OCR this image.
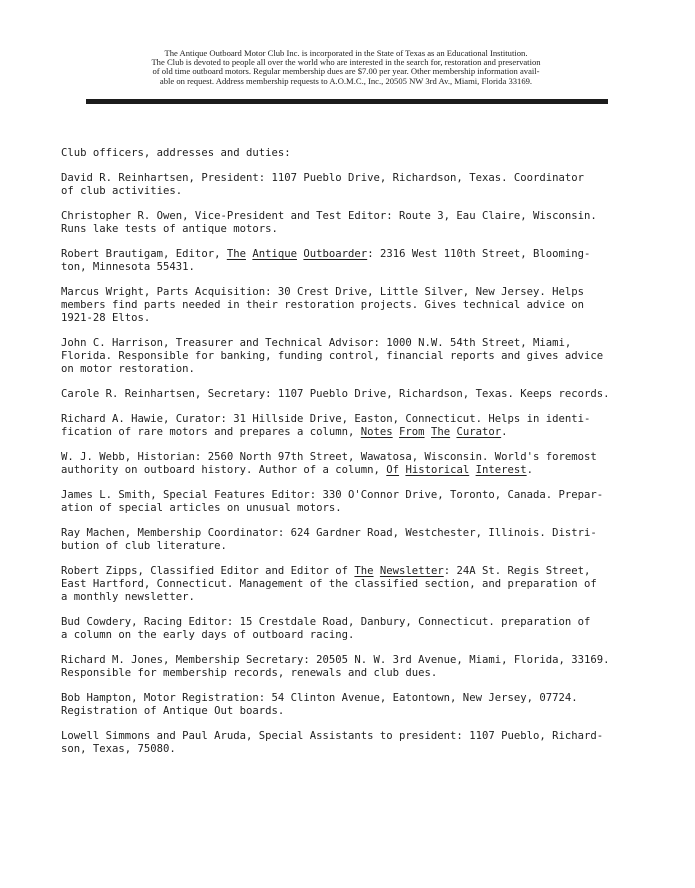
The Antique Outboard Motor Club Inc. is incorporated in the State of Texas as an Educational Institution.
The Club is devoted to people all over the world who are interested in the search for, restoration and preservation
of old time outboard motors. Regular membership dues are $7.00 per year. Other membership information avail-
able on request. Address membership requests to A.O.M.C., Inc., 20505 NW 3rd Av., Miami, Florida 33169.
Club officers, addresses and duties:
David R. Reinhartsen, President: 1107 Pueblo Drive, Richardson, Texas. Coordinator
of club activities.
Christopher R. Owen, Vice-President and Test Editor: Route 3, Eau Claire, Wisconsin.
Runs lake tests of antique motors.
Robert Brautigam, Editor, The Antique Outboarder: 2316 West 110th Street, Blooming-
ton, Minnesota 55431.
Marcus Wright, Parts Acquisition: 30 Crest Drive, Little Silver, New Jersey. Helps
members find parts needed in their restoration projects. Gives technical advice on
1921-28 Eltos.
John C. Harrison, Treasurer and Technical Advisor: 1000 N.W. 54th Street, Miami,
Florida. Responsible for banking, funding control, financial reports and gives advice
on motor restoration.
Carole R. Reinhartsen, Secretary: 1107 Pueblo Drive, Richardson, Texas. Keeps records.
Richard A. Hawie, Curator: 31 Hillside Drive, Easton, Connecticut. Helps in identi-
fication of rare motors and prepares a column, Notes From The Curator.
W. J. Webb, Historian: 2560 North 97th Street, Wawatosa, Wisconsin. World's foremost
authority on outboard history. Author of a column, Of Historical Interest.
James L. Smith, Special Features Editor: 330 O'Connor Drive, Toronto, Canada. Prepar-
ation of special articles on unusual motors.
Ray Machen, Membership Coordinator: 624 Gardner Road, Westchester, Illinois. Distri-
bution of club literature.
Robert Zipps, Classified Editor and Editor of The Newsletter: 24A St. Regis Street,
East Hartford, Connecticut. Management of the classified section, and preparation of
a monthly newsletter.
Bud Cowdery, Racing Editor: 15 Crestdale Road, Danbury, Connecticut. preparation of
a column on the early days of outboard racing.
Richard M. Jones, Membership Secretary: 20505 N. W. 3rd Avenue, Miami, Florida, 33169.
Responsible for membership records, renewals and club dues.
Bob Hampton, Motor Registration: 54 Clinton Avenue, Eatontown, New Jersey, 07724.
Registration of Antique Out boards.
Lowell Simmons and Paul Aruda, Special Assistants to president: 1107 Pueblo, Richard-
son, Texas, 75080.
